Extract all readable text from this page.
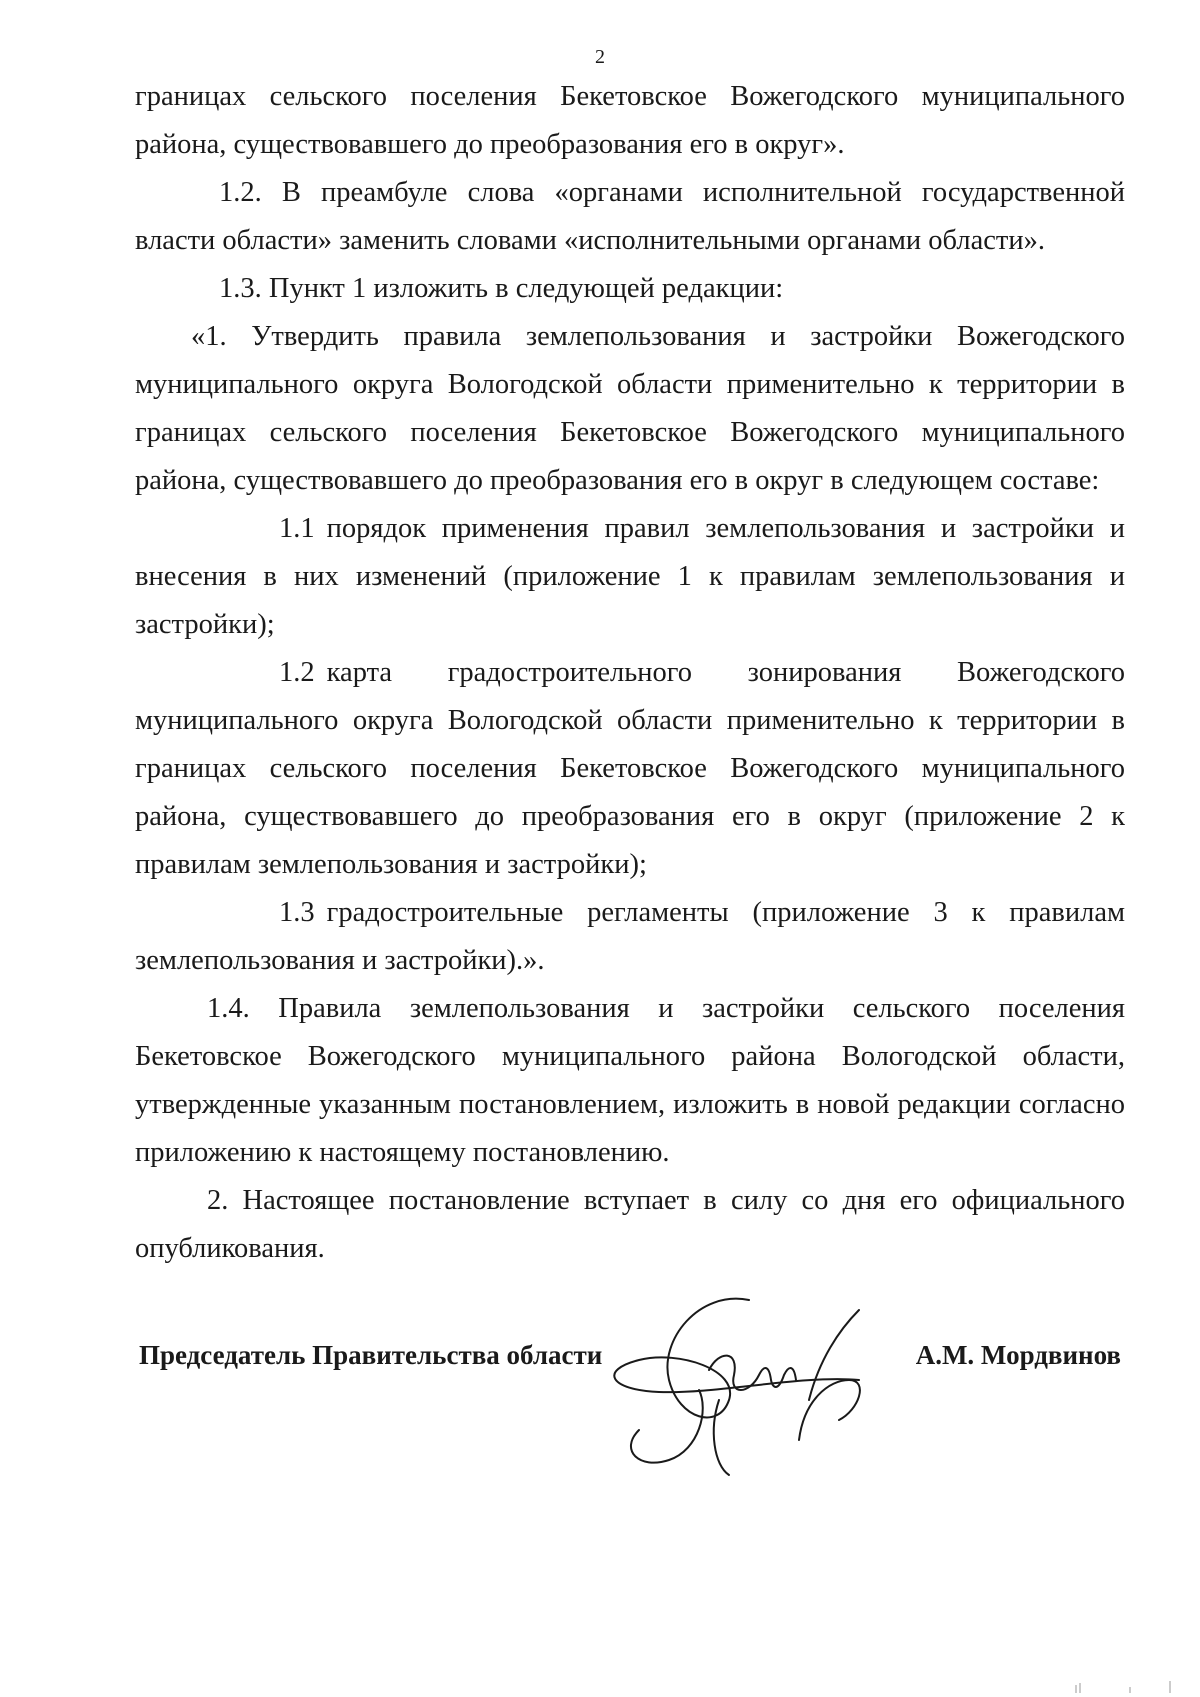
2

границах сельского поселения Бекетовское Вожегодского муниципального района, существовавшего до преобразования его в округ».

1.2. В преамбуле слова «органами исполнительной государственной власти области» заменить словами «исполнительными органами области».

1.3. Пункт 1 изложить в следующей редакции:

«1. Утвердить правила землепользования и застройки Вожегодского муниципального округа Вологодской области применительно к территории в границах сельского поселения Бекетовское Вожегодского муниципального района, существовавшего до преобразования его в округ в следующем составе:

1.1 порядок применения правил землепользования и застройки и внесения в них изменений (приложение 1 к правилам землепользования и застройки);

1.2 карта градостроительного зонирования Вожегодского муниципального округа Вологодской области применительно к территории в границах сельского поселения Бекетовское Вожегодского муниципального района, существовавшего до преобразования его в округ (приложение 2 к правилам землепользования и застройки);

1.3 градостроительные регламенты (приложение 3 к правилам землепользования и застройки).».

1.4. Правила землепользования и застройки сельского поселения Бекетовское Вожегодского муниципального района Вологодской области, утвержденные указанным постановлением, изложить в новой редакции согласно приложению к настоящему постановлению.

2. Настоящее постановление вступает в силу со дня его официального опубликования.

Председатель Правительства области	А.М. Мордвинов
